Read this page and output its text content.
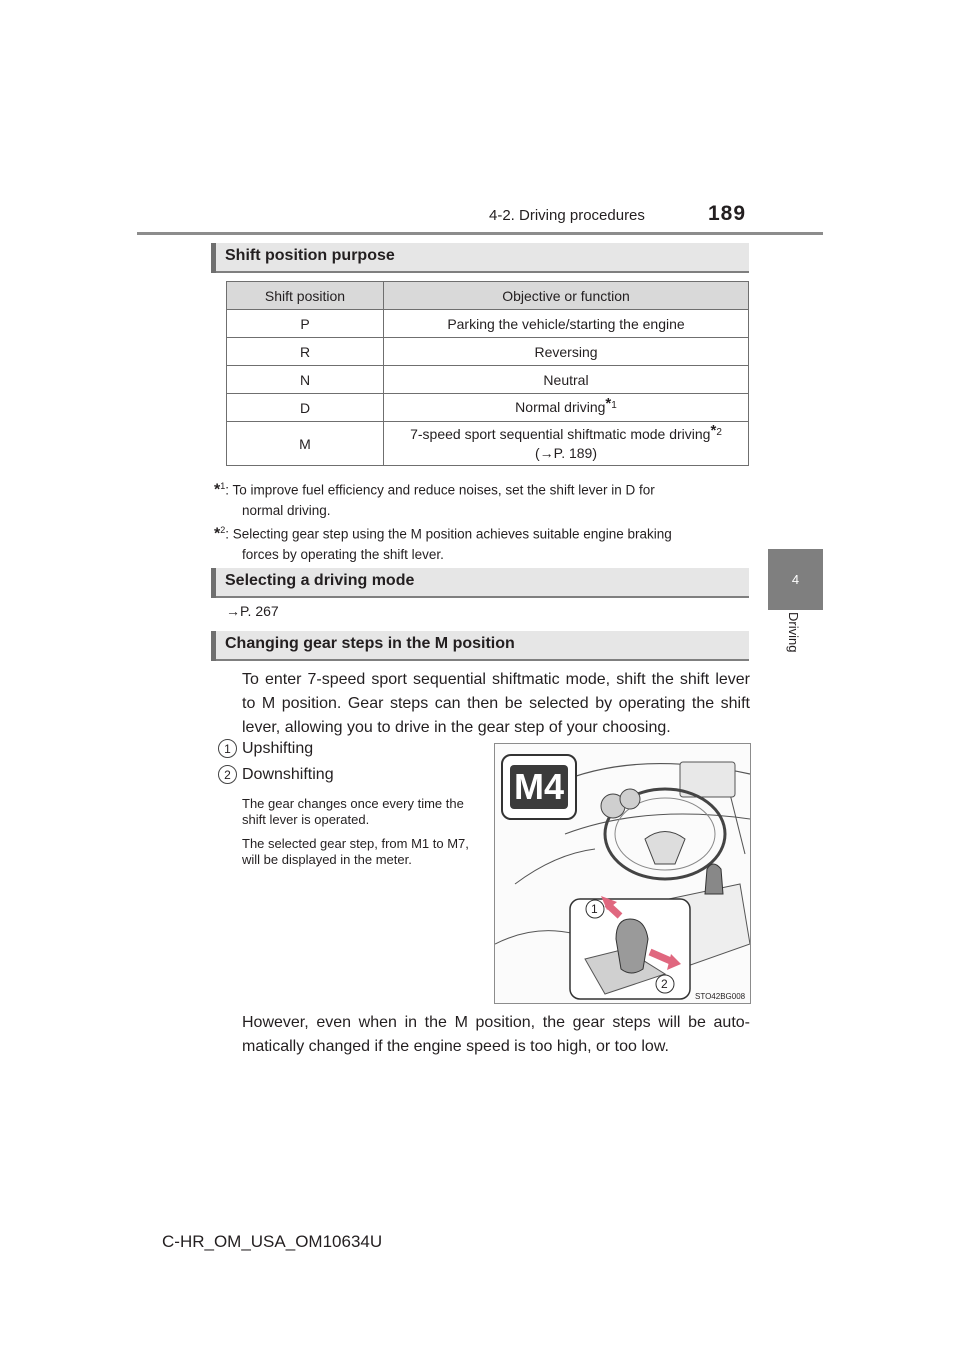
4-2. Driving procedures	189
4
Driving
Shift position purpose
Shift position	Objective or function
P	Parking the vehicle/starting the engine
R	Reversing
N	Neutral
D	Normal driving$^{*1}$
M	7-speed sport sequential shiftmatic mode driving$^{*2}$
(→P. 189)
*$^1$: To improve fuel efficiency and reduce noises, set the shift lever in D for
normal driving.
*$^2$: Selecting gear step using the M position achieves suitable engine braking
forces by operating the shift lever.
Selecting a driving mode
→P. 267
Changing gear steps in the M position
To enter 7-speed sport sequential shiftmatic mode, shift the shift lever to M position. Gear steps can then be selected by operating the shift lever, allowing you to drive in the gear step of your choosing.
1 Upshifting
2 Downshifting
The gear changes once every time the shift lever is operated.
The selected gear step, from M1 to M7, will be displayed in the meter.
M4
1
2
STO42BG008
However, even when in the M position, the gear steps will be auto-matically changed if the engine speed is too high, or too low.
C-HR_OM_USA_OM10634U
